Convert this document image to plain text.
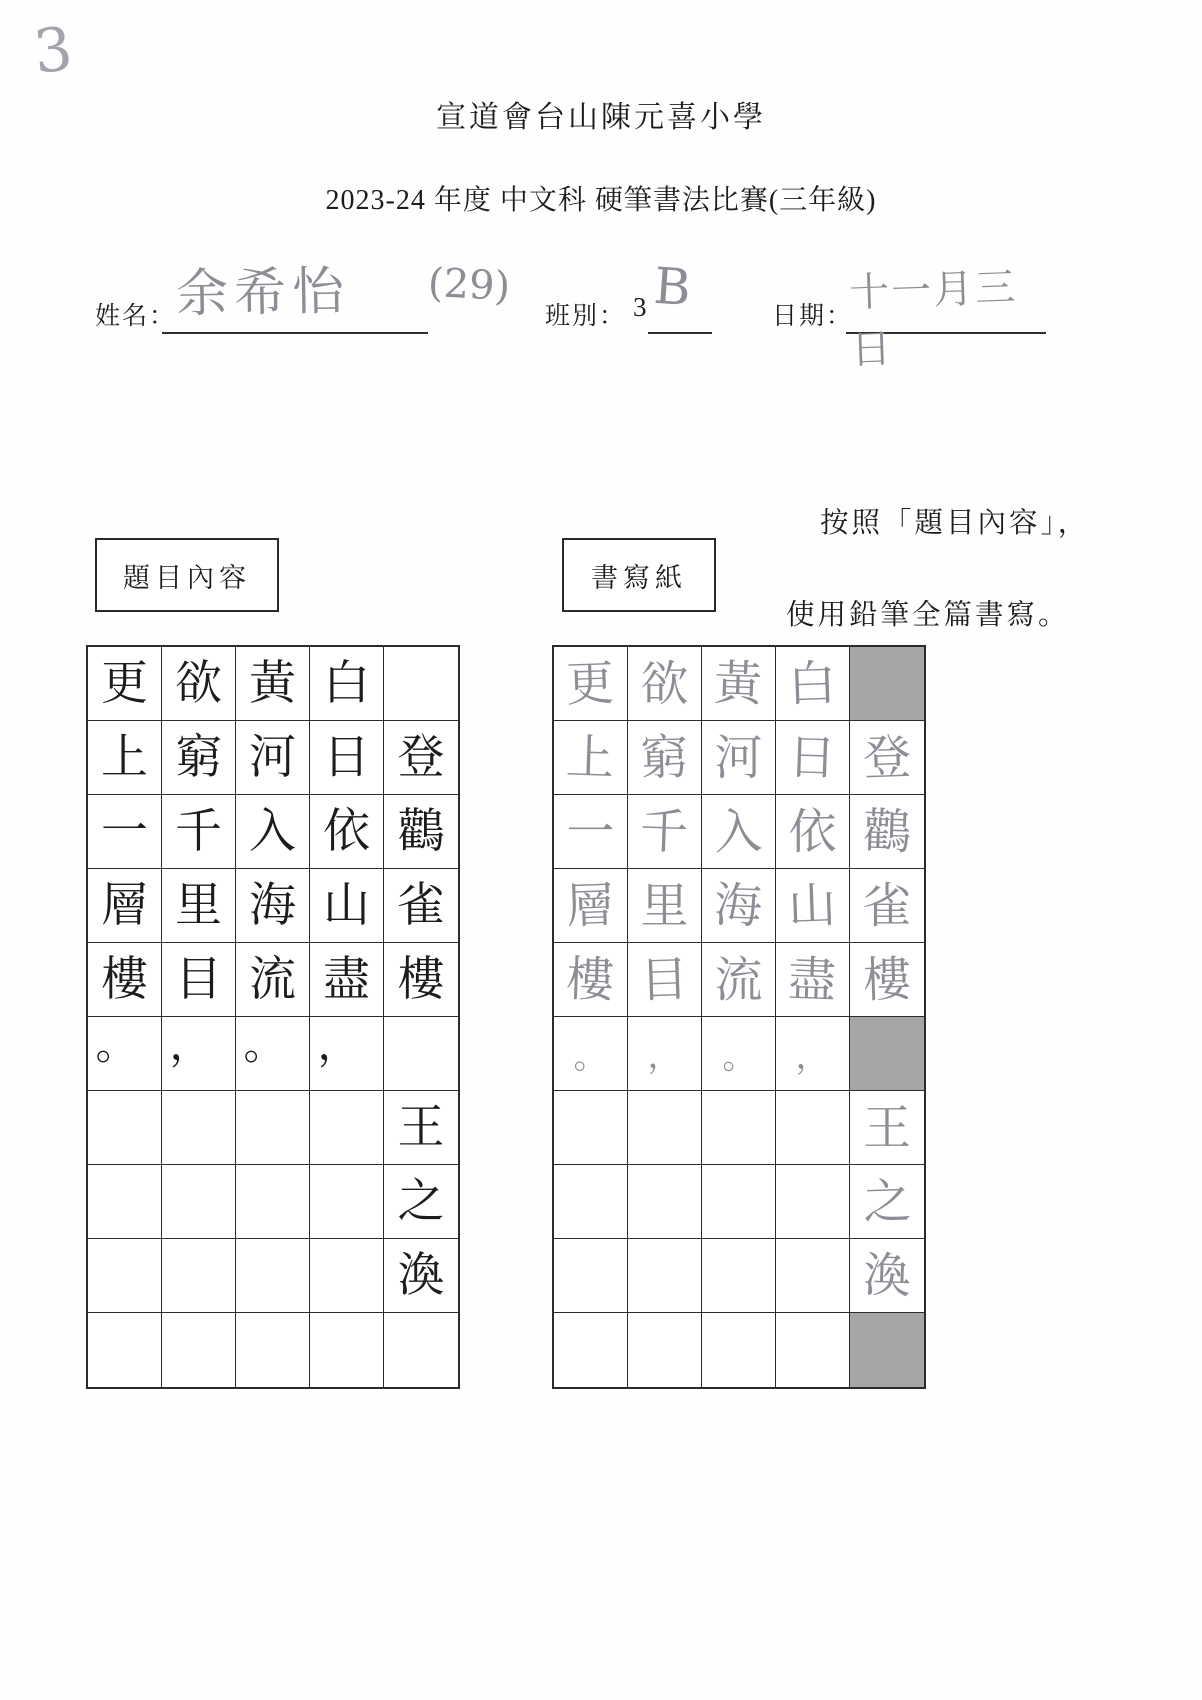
3
宣道會台山陳元喜小學
2023-24 年度 中文科 硬筆書法比賽(三年級)
姓名： 余希怡 (29)
班別： 3 B	日期：
十一月三日
按照「題目內容」，
使用鉛筆全篇書寫。
題目內容	書寫紙
更 欲 黃 白
上 窮 河 日 登
一 千 入 依 鸛
層 里 海 山 雀
樓 目 流 盡 樓
。 ， 。 ，
王
之
渙
更 欲 黃 白
上 窮 河 日 登
一 千 入 依 鸛
層 里 海 山 雀
樓 目 流 盡 樓
。 ， 。 ，
王
之
渙
